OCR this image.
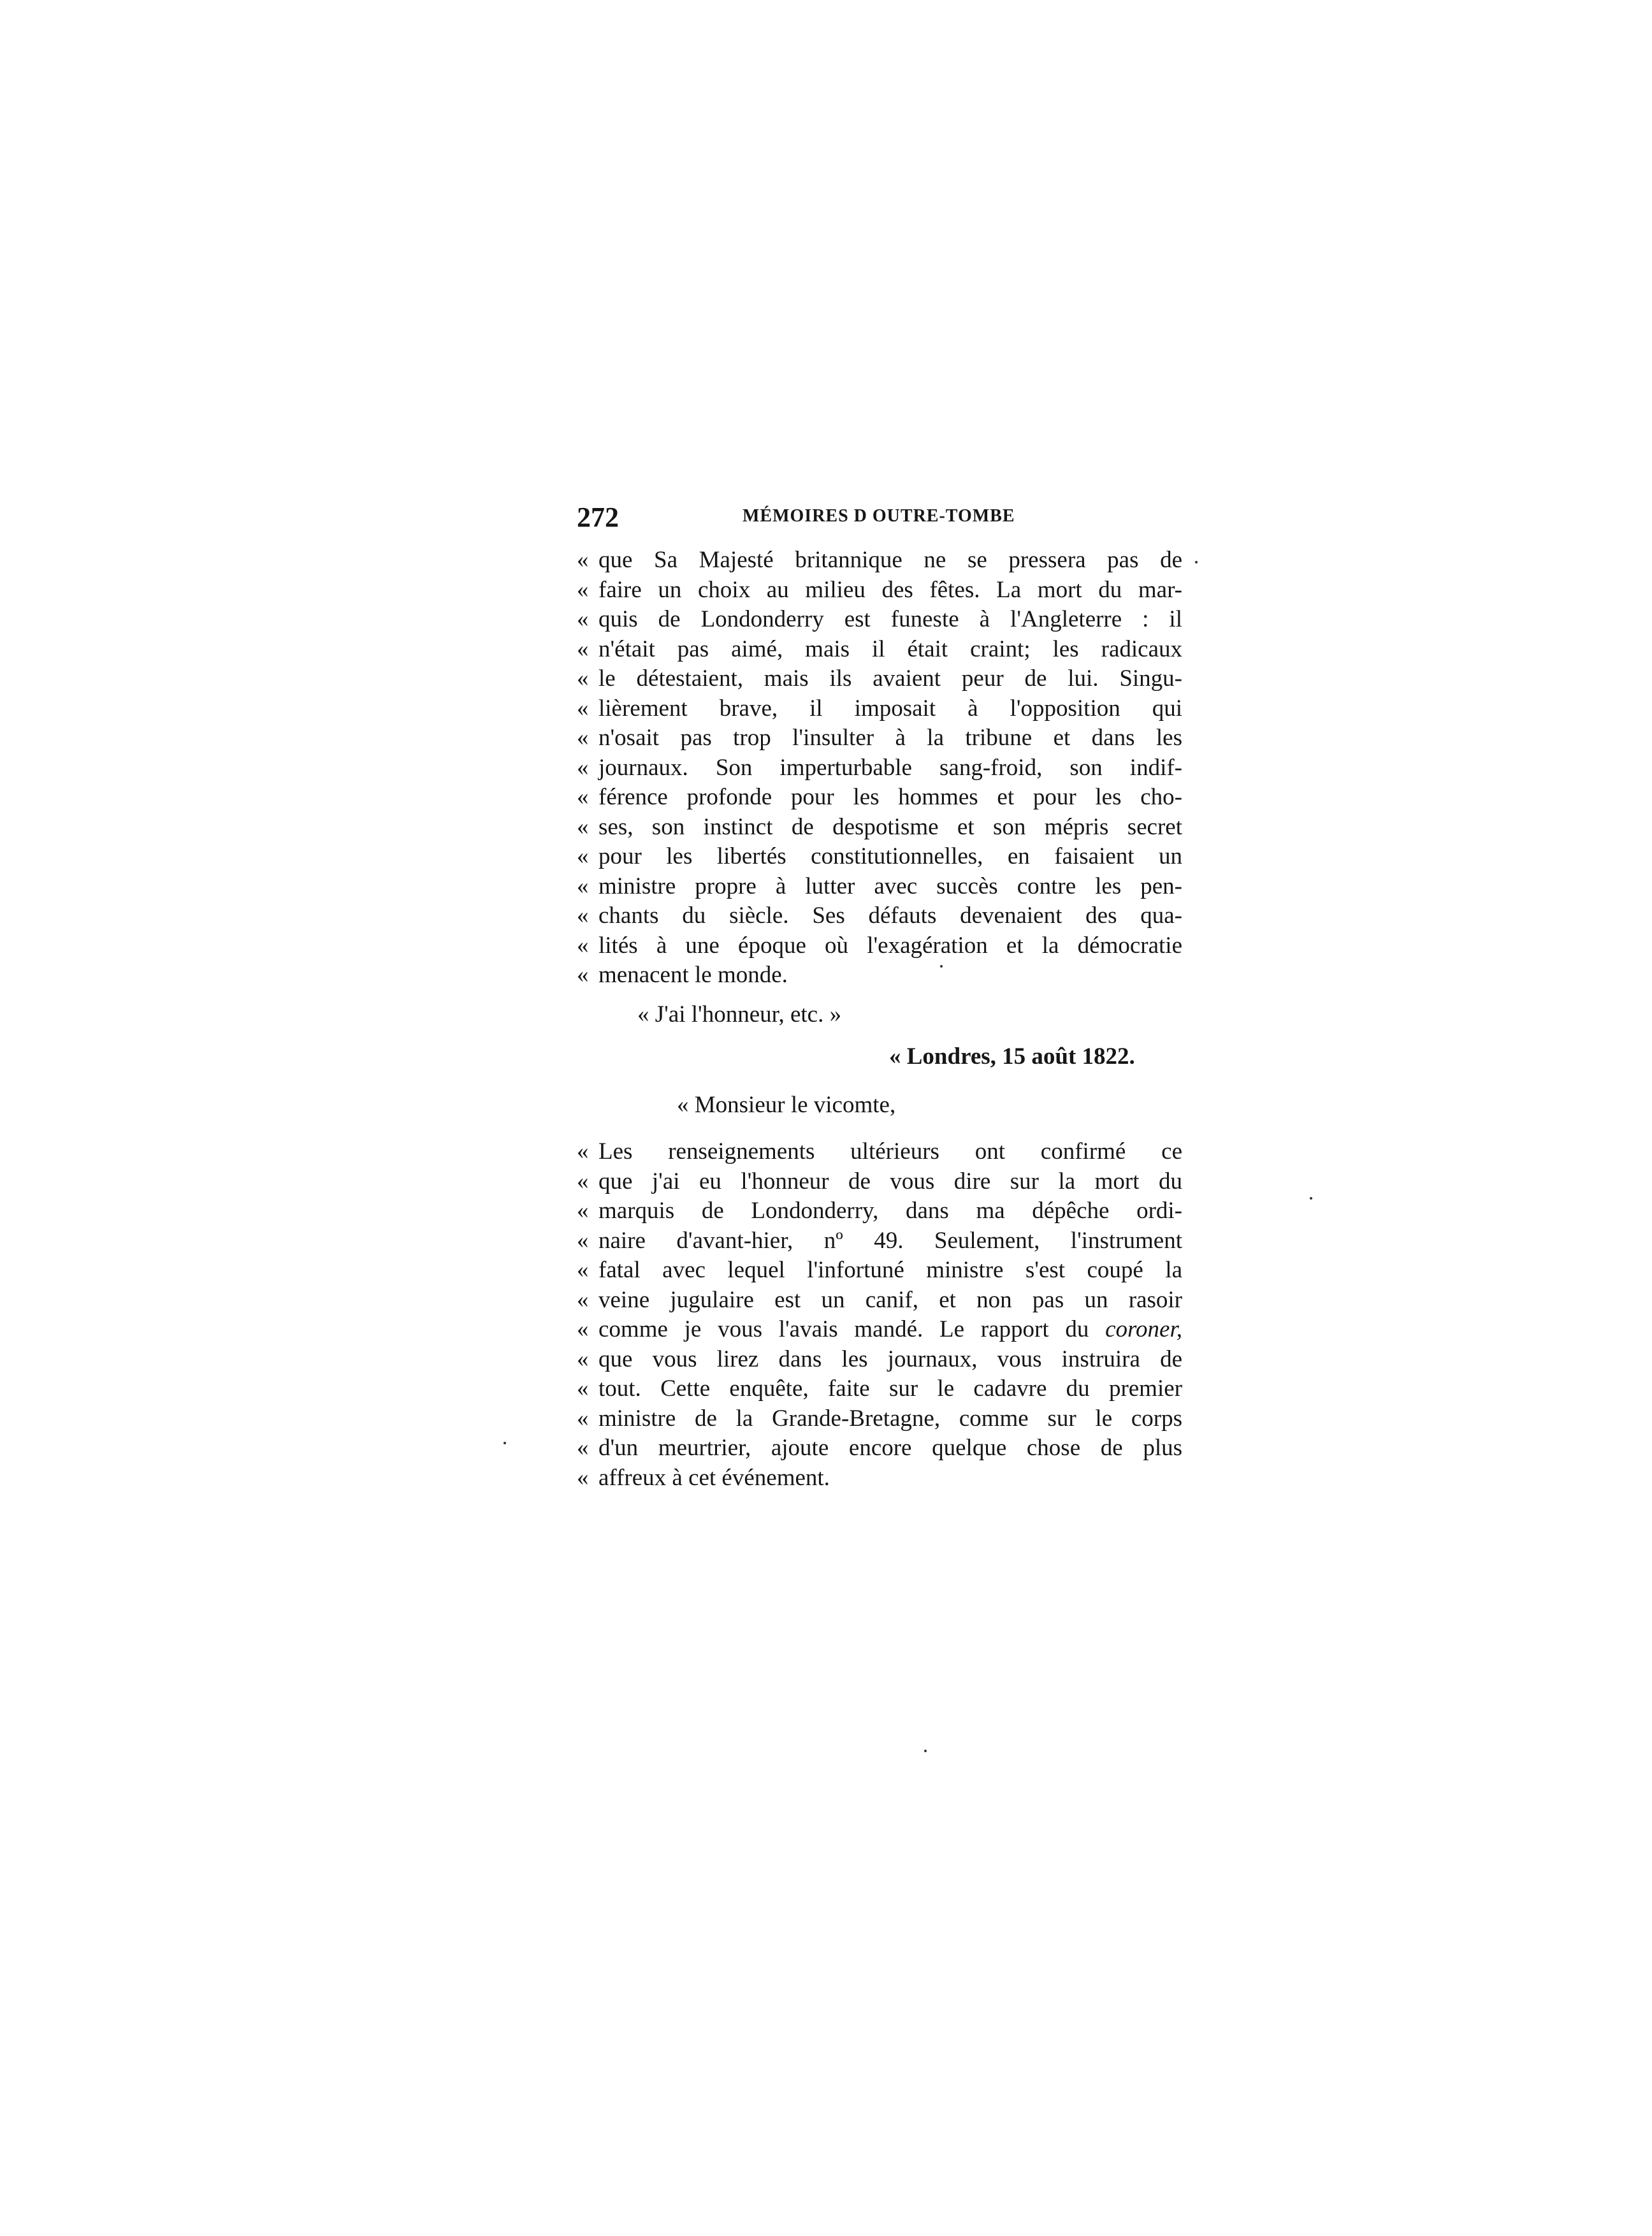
272	MÉMOIRES D OUTRE-TOMBE
« que Sa Majesté britannique ne se pressera pas de
« faire un choix au milieu des fêtes. La mort du mar-
« quis de Londonderry est funeste à l'Angleterre : il
« n'était pas aimé, mais il était craint; les radicaux
« le détestaient, mais ils avaient peur de lui. Singu-
« lièrement brave, il imposait à l'opposition qui
« n'osait pas trop l'insulter à la tribune et dans les
« journaux. Son imperturbable sang-froid, son indif-
« férence profonde pour les hommes et pour les cho-
« ses, son instinct de despotisme et son mépris secret
« pour les libertés constitutionnelles, en faisaient un
« ministre propre à lutter avec succès contre les pen-
« chants du siècle. Ses défauts devenaient des qua-
« lités à une époque où l'exagération et la démocratie
« menacent le monde.
« J'ai l'honneur, etc. »
« Londres, 15 août 1822.
« Monsieur le vicomte,
« Les renseignements ultérieurs ont confirmé ce
« que j'ai eu l'honneur de vous dire sur la mort du
« marquis de Londonderry, dans ma dépêche ordi-
« naire d'avant-hier, nº 49. Seulement, l'instrument
« fatal avec lequel l'infortuné ministre s'est coupé la
« veine jugulaire est un canif, et non pas un rasoir
« comme je vous l'avais mandé. Le rapport du coroner,
« que vous lirez dans les journaux, vous instruira de
« tout. Cette enquête, faite sur le cadavre du premier
« ministre de la Grande-Bretagne, comme sur le corps
« d'un meurtrier, ajoute encore quelque chose de plus
« affreux à cet événement.
